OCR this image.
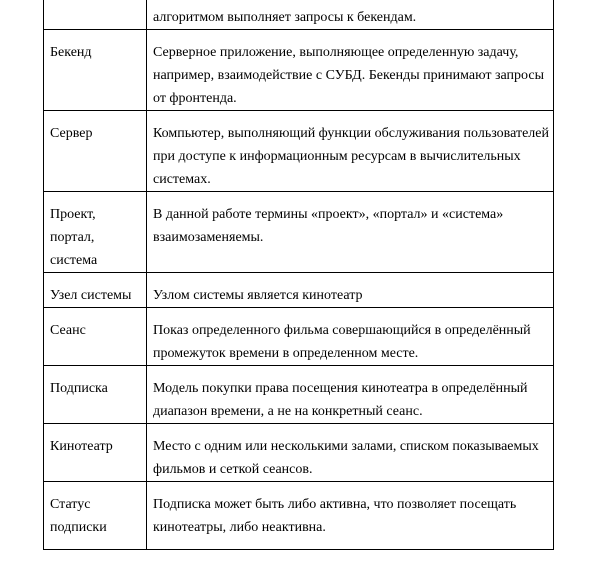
	алгоритмом выполняет запросы к бекендам.
Бекенд	Серверное приложение, выполняющее определенную задачу, например, взаимодействие с СУБД. Бекенды принимают запросы от фронтенда.
Сервер	Компьютер, выполняющий функции обслуживания пользователей при доступе к информационным ресурсам в вычислительных системах.
Проект, портал, система	В данной работе термины «проект», «портал» и «система» взаимозаменяемы.
Узел системы	Узлом системы является кинотеатр
Сеанс	Показ определенного фильма совершающийся в определённый промежуток времени в определенном месте.
Подписка	Модель покупки права посещения кинотеатра в определённый диапазон времени, а не на конкретный сеанс.
Кинотеатр	Место с одним или несколькими залами, списком показываемых фильмов и сеткой сеансов.
Статус подписки	Подписка может быть либо активна, что позволяет посещать кинотеатры, либо неактивна.
